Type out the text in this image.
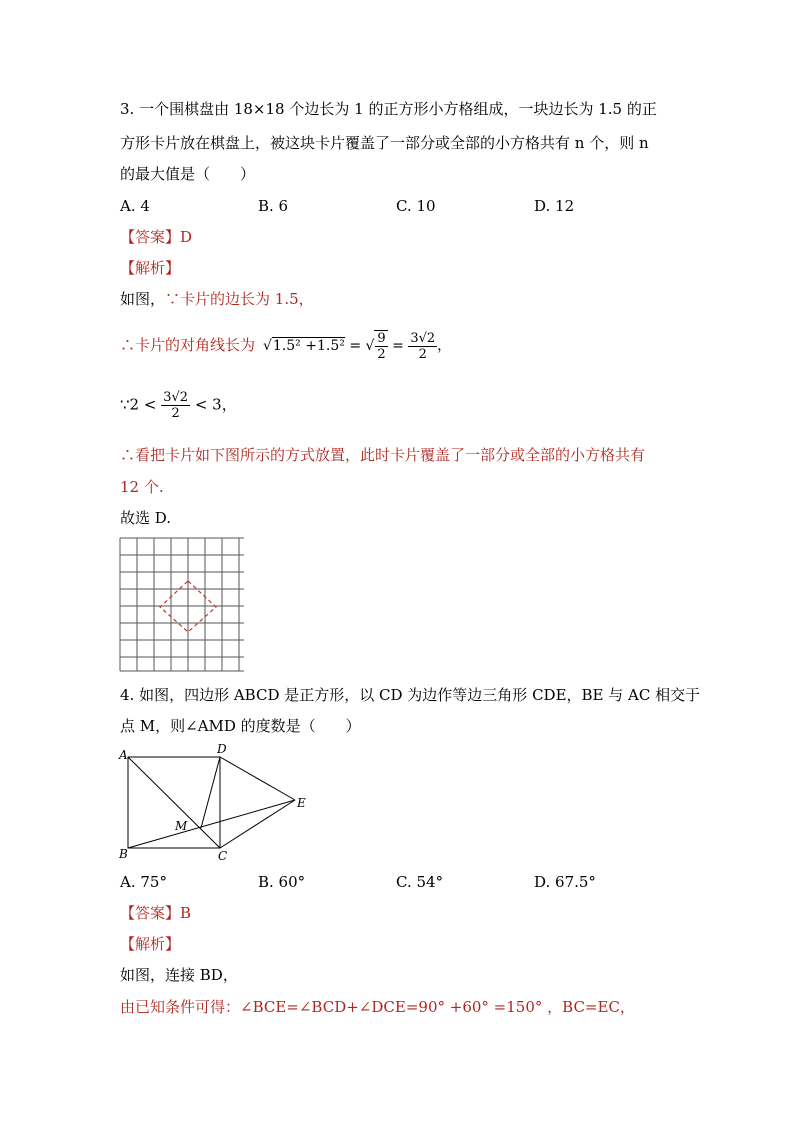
3. 一个围棋盘由 18×18 个边长为 1 的正方形小方格组成，一块边长为 1.5 的正
方形卡片放在棋盘上，被这块卡片覆盖了一部分或全部的小方格共有 n 个，则 n
的最大值是（　　）
A. 4	B. 6	C. 10	D. 12
【答案】D
【解析】
如图，∵卡片的边长为 1.5，
∴卡片的对角线长为 √1.5² +1.5² = √ $\frac{9}{2} = \frac{3√2}{2}$ ，
∵2 < $\frac{3√2}{2} < 3$，
∴看把卡片如下图所示的方式放置，此时卡片覆盖了一部分或全部的小方格共有
12 个.
故选 D.
4. 如图，四边形 ABCD 是正方形，以 CD 为边作等边三角形 CDE，BE 与 AC 相交于
点 M，则∠AMD 的度数是（　　）
A	D
E
M
B	C
A. 75°	B. 60°	C. 54°	D. 67.5°
【答案】B
【解析】
如图，连接 BD，
由已知条件可得：∠BCE=∠BCD+∠DCE=90° +60° =150° ，BC=EC，
